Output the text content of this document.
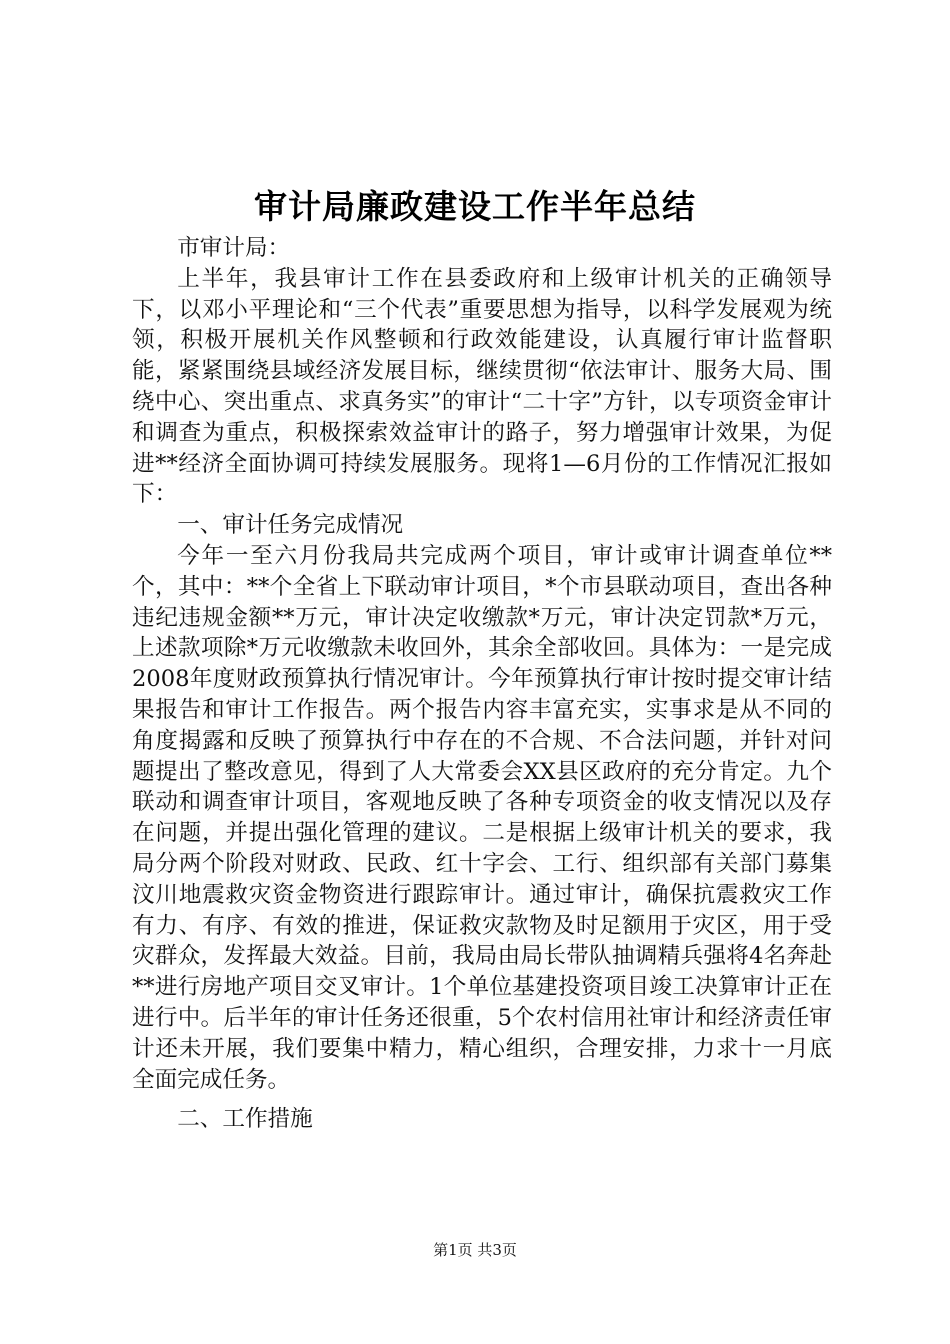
审计局廉政建设工作半年总结

市审计局：

上半年，我县审计工作在县委政府和上级审计机关的正确领导下，以邓小平理论和“三个代表”重要思想为指导，以科学发展观为统领，积极开展机关作风整顿和行政效能建设，认真履行审计监督职能，紧紧围绕县域经济发展目标，继续贯彻“依法审计、服务大局、围绕中心、突出重点、求真务实”的审计“二十字”方针，以专项资金审计和调查为重点，积极探索效益审计的路子，努力增强审计效果，为促进**经济全面协调可持续发展服务。现将1—6月份的工作情况汇报如下：

一、审计任务完成情况

今年一至六月份我局共完成两个项目，审计或审计调查单位**个，其中：**个全省上下联动审计项目，*个市县联动项目，查出各种违纪违规金额**万元，审计决定收缴款*万元，审计决定罚款*万元，上述款项除*万元收缴款未收回外，其余全部收回。具体为：一是完成2008年度财政预算执行情况审计。今年预算执行审计按时提交审计结果报告和审计工作报告。两个报告内容丰富充实，实事求是从不同的角度揭露和反映了预算执行中存在的不合规、不合法问题，并针对问题提出了整改意见，得到了人大常委会XX县区政府的充分肯定。九个联动和调查审计项目，客观地反映了各种专项资金的收支情况以及存在问题，并提出强化管理的建议。二是根据上级审计机关的要求，我局分两个阶段对财政、民政、红十字会、工行、组织部有关部门募集汶川地震救灾资金物资进行跟踪审计。通过审计，确保抗震救灾工作有力、有序、有效的推进，保证救灾款物及时足额用于灾区，用于受灾群众，发挥最大效益。目前，我局由局长带队抽调精兵强将4名奔赴**进行房地产项目交叉审计。1个单位基建投资项目竣工决算审计正在进行中。后半年的审计任务还很重，5个农村信用社审计和经济责任审计还未开展，我们要集中精力，精心组织，合理安排，力求十一月底全面完成任务。

二、工作措施

第1页 共3页
